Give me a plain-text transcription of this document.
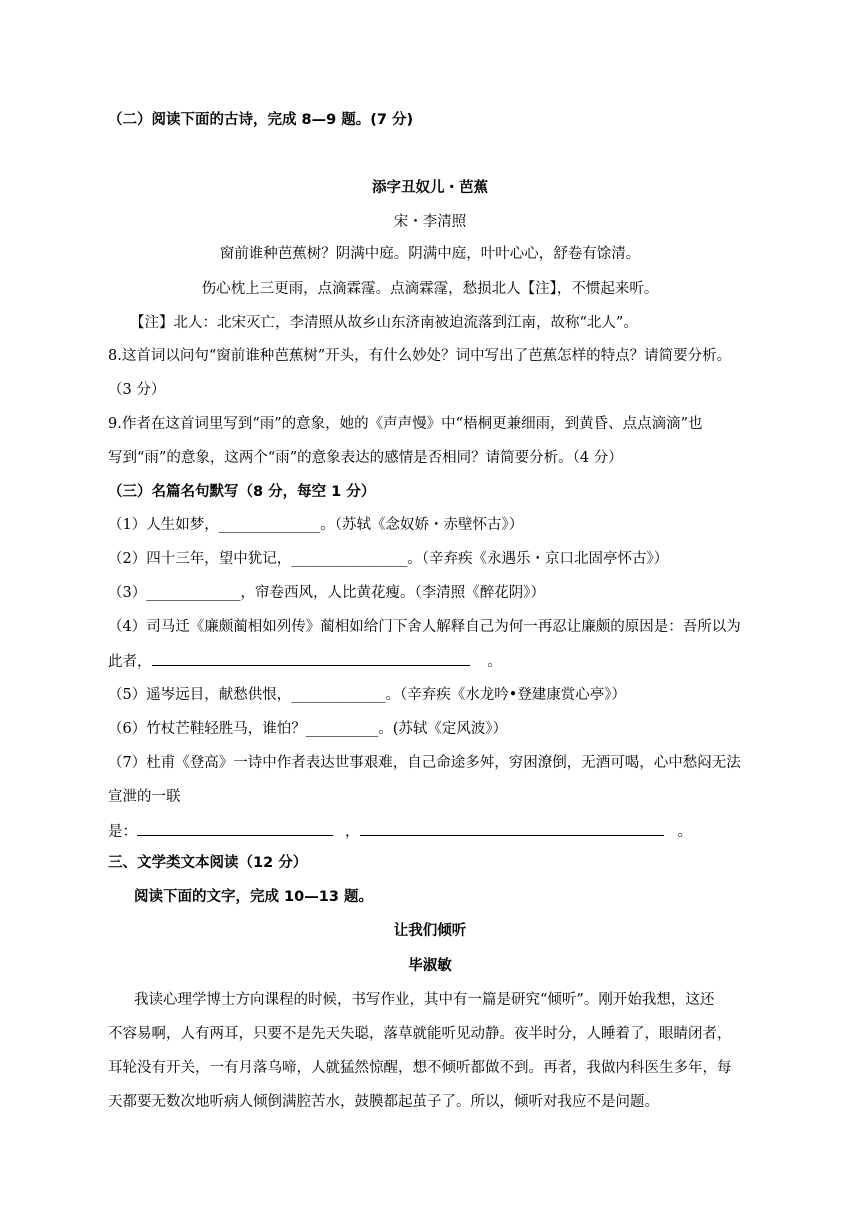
（二）阅读下面的古诗，完成 8—9 题。(7 分)
添字丑奴儿・芭蕉
宋・李清照
窗前谁种芭蕉树？阴满中庭。阴满中庭，叶叶心心，舒卷有馀清。
伤心枕上三更雨，点滴霖霪。点滴霖霪，愁损北人【注】，不惯起来听。
【注】北人：北宋灭亡，李清照从故乡山东济南被迫流落到江南，故称“北人”。
8.这首词以问句“窗前谁种芭蕉树”开头，有什么妙处？词中写出了芭蕉怎样的特点？请简要分析。
（3 分）
9.作者在这首词里写到“雨”的意象，她的《声声慢》中“梧桐更兼细雨，到黄昏、点点滴滴”也
写到“雨”的意象，这两个“雨”的意象表达的感情是否相同？请简要分析。（4 分）
（三）名篇名句默写（8 分，每空 1 分）
（1）人生如梦，______________。（苏轼《念奴娇・赤壁怀古》）
（2）四十三年，望中犹记，________________。（辛弃疾《永遇乐・京口北固亭怀古》）
（3）_____________，帘卷西风，人比黄花瘦。（李清照《醉花阴》）
（4）司马迁《廉颇蔺相如列传》蔺相如给门下舍人解释自己为何一再忍让廉颇的原因是：吾所以为
此者，	。
（5）遥岑远目，献愁供恨，_____________。（辛弃疾《水龙吟•登建康赏心亭》）
（6）竹杖芒鞋轻胜马，谁怕？__________。(苏轼《定风波》）
（7）杜甫《登高》一诗中作者表达世事艰难，自己命途多舛，穷困潦倒，无酒可喝，心中愁闷无法
宣泄的一联
是：	，	。
三、文学类文本阅读（12 分）
阅读下面的文字，完成 10—13 题。
让我们倾听
毕淑敏
我读心理学博士方向课程的时候，书写作业，其中有一篇是研究“倾听”。刚开始我想，这还
不容易啊，人有两耳，只要不是先天失聪，落草就能听见动静。夜半时分，人睡着了，眼睛闭者，
耳轮没有开关，一有月落乌啼，人就猛然惊醒，想不倾听都做不到。再者，我做内科医生多年，每
天都要无数次地听病人倾倒满腔苦水，鼓膜都起茧子了。所以，倾听对我应不是问题。
